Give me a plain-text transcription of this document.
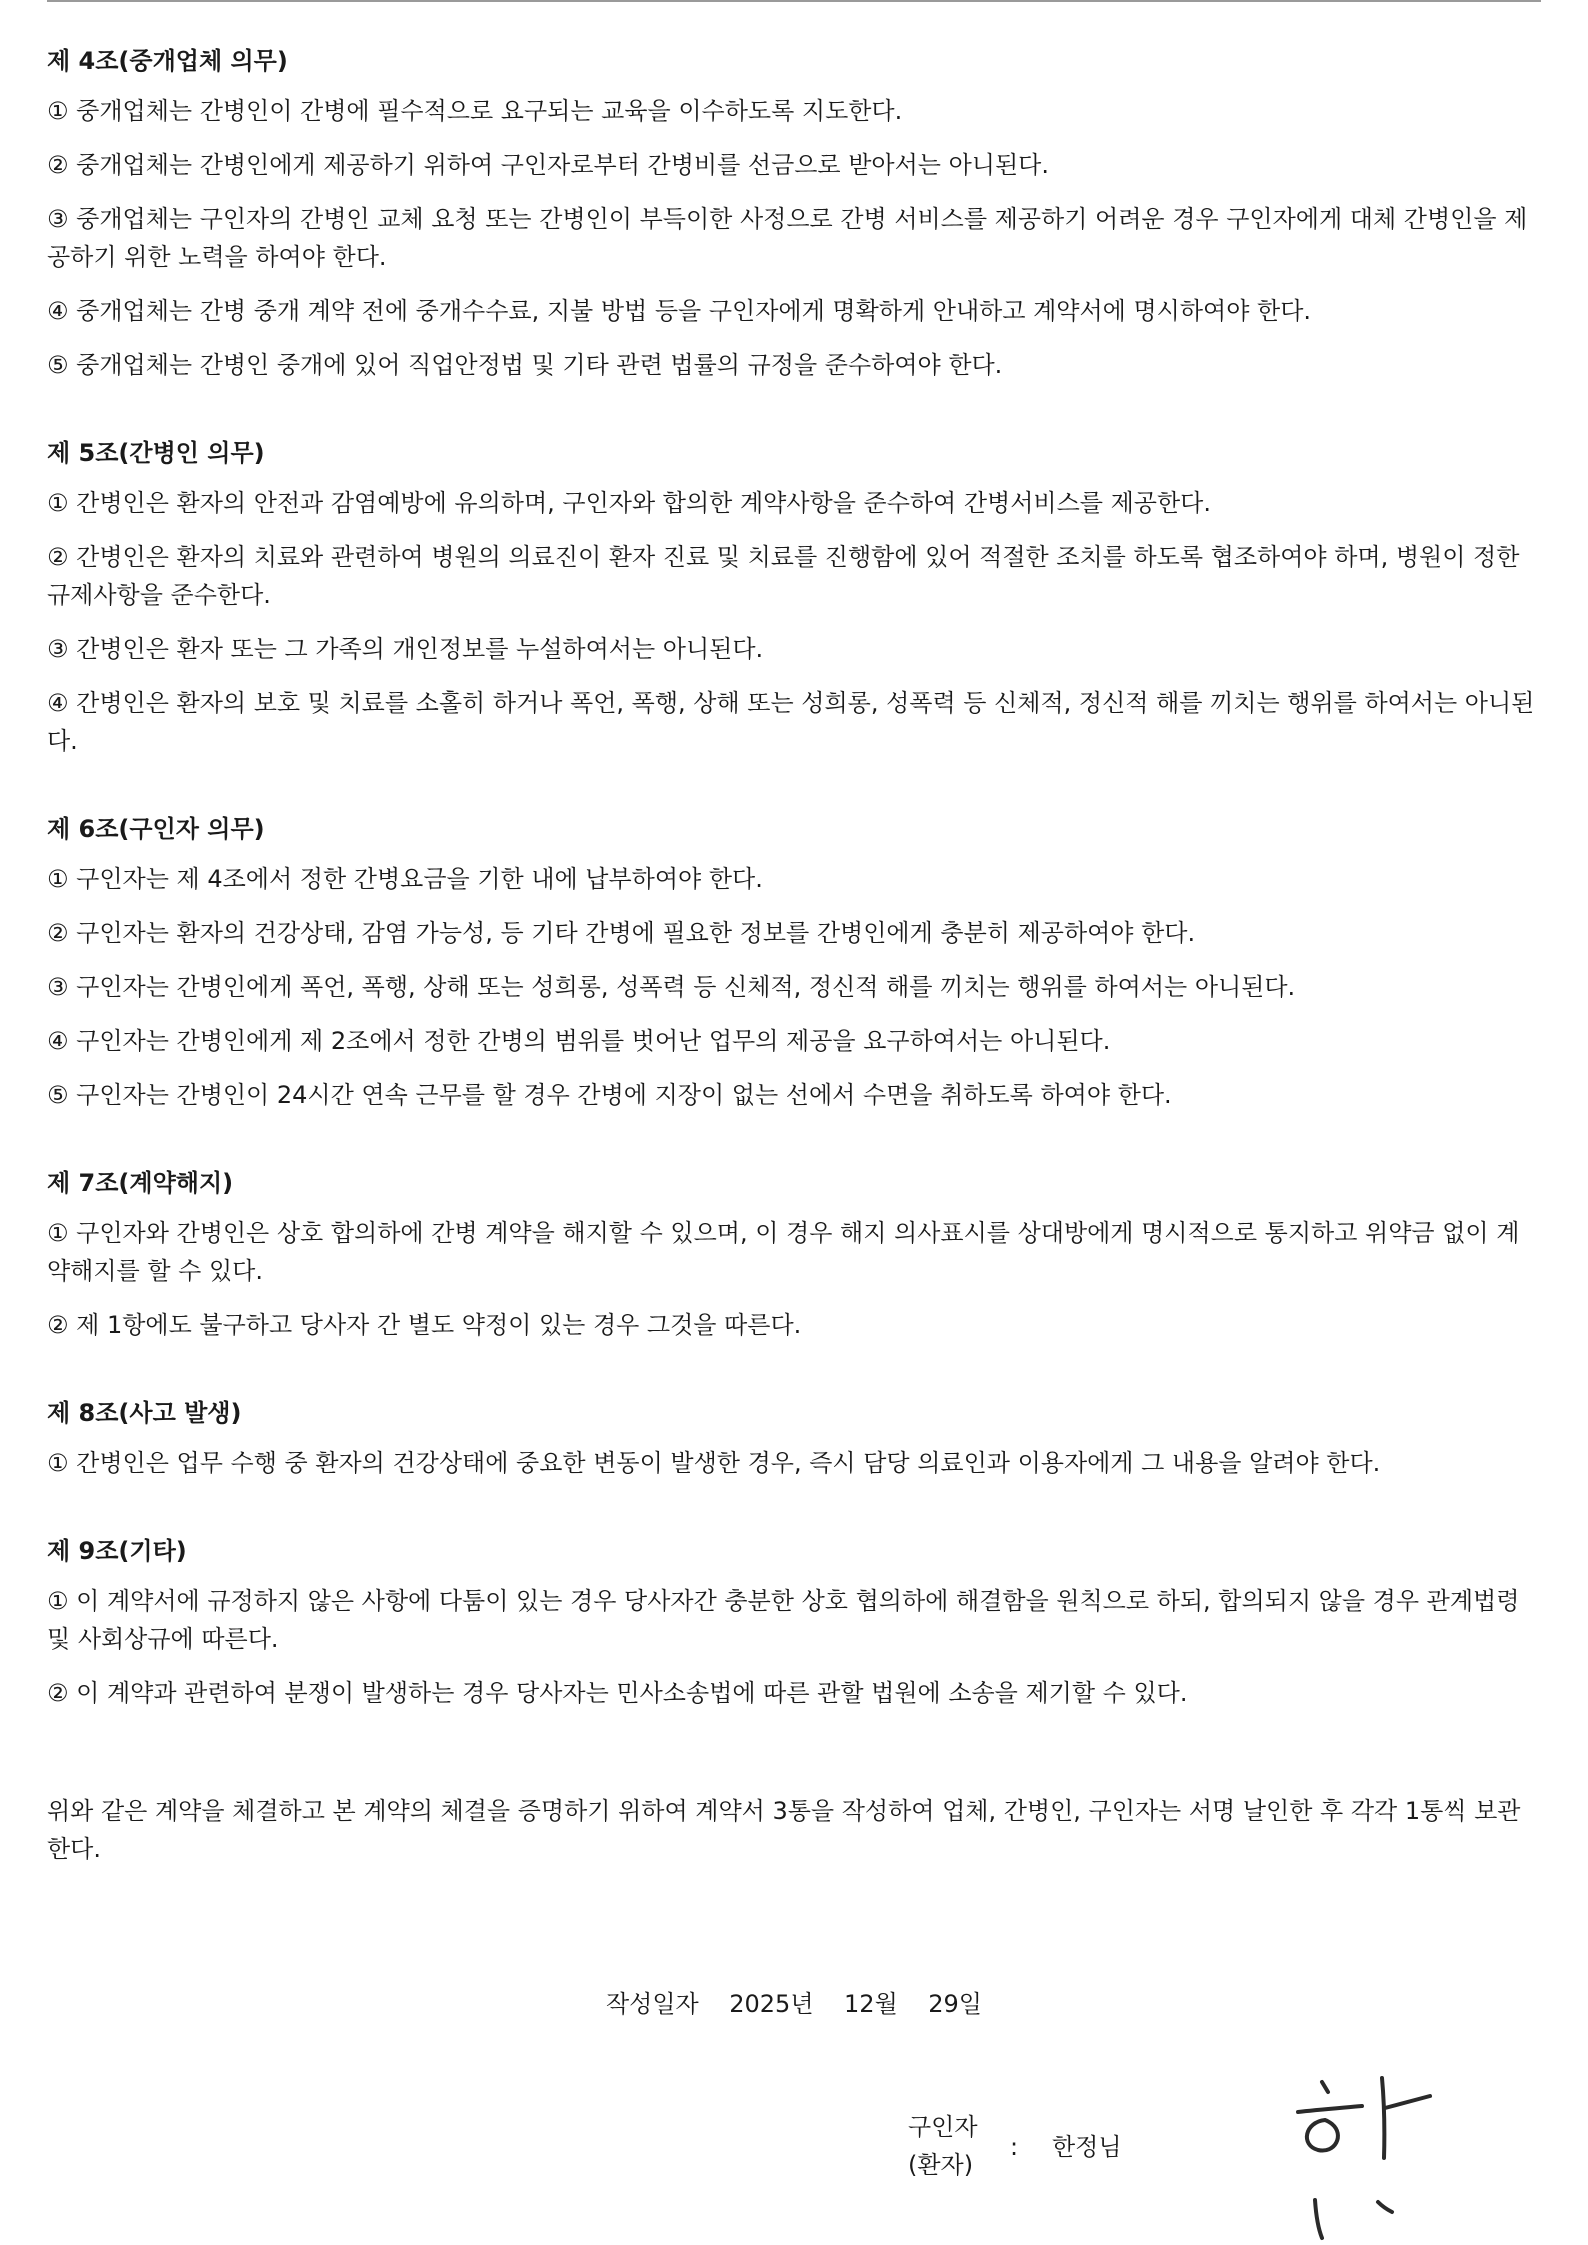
제 4조(중개업체 의무)
① 중개업체는 간병인이 간병에 필수적으로 요구되는 교육을 이수하도록 지도한다.
② 중개업체는 간병인에게 제공하기 위하여 구인자로부터 간병비를 선금으로 받아서는 아니된다.
③ 중개업체는 구인자의 간병인 교체 요청 또는 간병인이 부득이한 사정으로 간병 서비스를 제공하기 어려운 경우 구인자에게 대체 간병인을 제공하기 위한 노력을 하여야 한다.
④ 중개업체는 간병 중개 계약 전에 중개수수료, 지불 방법 등을 구인자에게 명확하게 안내하고 계약서에 명시하여야 한다.
⑤ 중개업체는 간병인 중개에 있어 직업안정법 및 기타 관련 법률의 규정을 준수하여야 한다.
제 5조(간병인 의무)
① 간병인은 환자의 안전과 감염예방에 유의하며, 구인자와 합의한 계약사항을 준수하여 간병서비스를 제공한다.
② 간병인은 환자의 치료와 관련하여 병원의 의료진이 환자 진료 및 치료를 진행함에 있어 적절한 조치를 하도록 협조하여야 하며, 병원이 정한 규제사항을 준수한다.
③ 간병인은 환자 또는 그 가족의 개인정보를 누설하여서는 아니된다.
④ 간병인은 환자의 보호 및 치료를 소홀히 하거나 폭언, 폭행, 상해 또는 성희롱, 성폭력 등 신체적, 정신적 해를 끼치는 행위를 하여서는 아니된다.
제 6조(구인자 의무)
① 구인자는 제 4조에서 정한 간병요금을 기한 내에 납부하여야 한다.
② 구인자는 환자의 건강상태, 감염 가능성, 등 기타 간병에 필요한 정보를 간병인에게 충분히 제공하여야 한다.
③ 구인자는 간병인에게 폭언, 폭행, 상해 또는 성희롱, 성폭력 등 신체적, 정신적 해를 끼치는 행위를 하여서는 아니된다.
④ 구인자는 간병인에게 제 2조에서 정한 간병의 범위를 벗어난 업무의 제공을 요구하여서는 아니된다.
⑤ 구인자는 간병인이 24시간 연속 근무를 할 경우 간병에 지장이 없는 선에서 수면을 취하도록 하여야 한다.
제 7조(계약해지)
① 구인자와 간병인은 상호 합의하에 간병 계약을 해지할 수 있으며, 이 경우 해지 의사표시를 상대방에게 명시적으로 통지하고 위약금 없이 계약해지를 할 수 있다.
② 제 1항에도 불구하고 당사자 간 별도 약정이 있는 경우 그것을 따른다.
제 8조(사고 발생)
① 간병인은 업무 수행 중 환자의 건강상태에 중요한 변동이 발생한 경우, 즉시 담당 의료인과 이용자에게 그 내용을 알려야 한다.
제 9조(기타)
① 이 계약서에 규정하지 않은 사항에 다툼이 있는 경우 당사자간 충분한 상호 협의하에 해결함을 원칙으로 하되, 합의되지 않을 경우 관계법령 및 사회상규에 따른다.
② 이 계약과 관련하여 분쟁이 발생하는 경우 당사자는 민사소송법에 따른 관할 법원에 소송을 제기할 수 있다.
위와 같은 계약을 체결하고 본 계약의 체결을 증명하기 위하여 계약서 3통을 작성하여 업체, 간병인, 구인자는 서명 날인한 후 각각 1통씩 보관한다.
작성일자    2025년    12월    29일
구인자
(환자)
: 한정님
